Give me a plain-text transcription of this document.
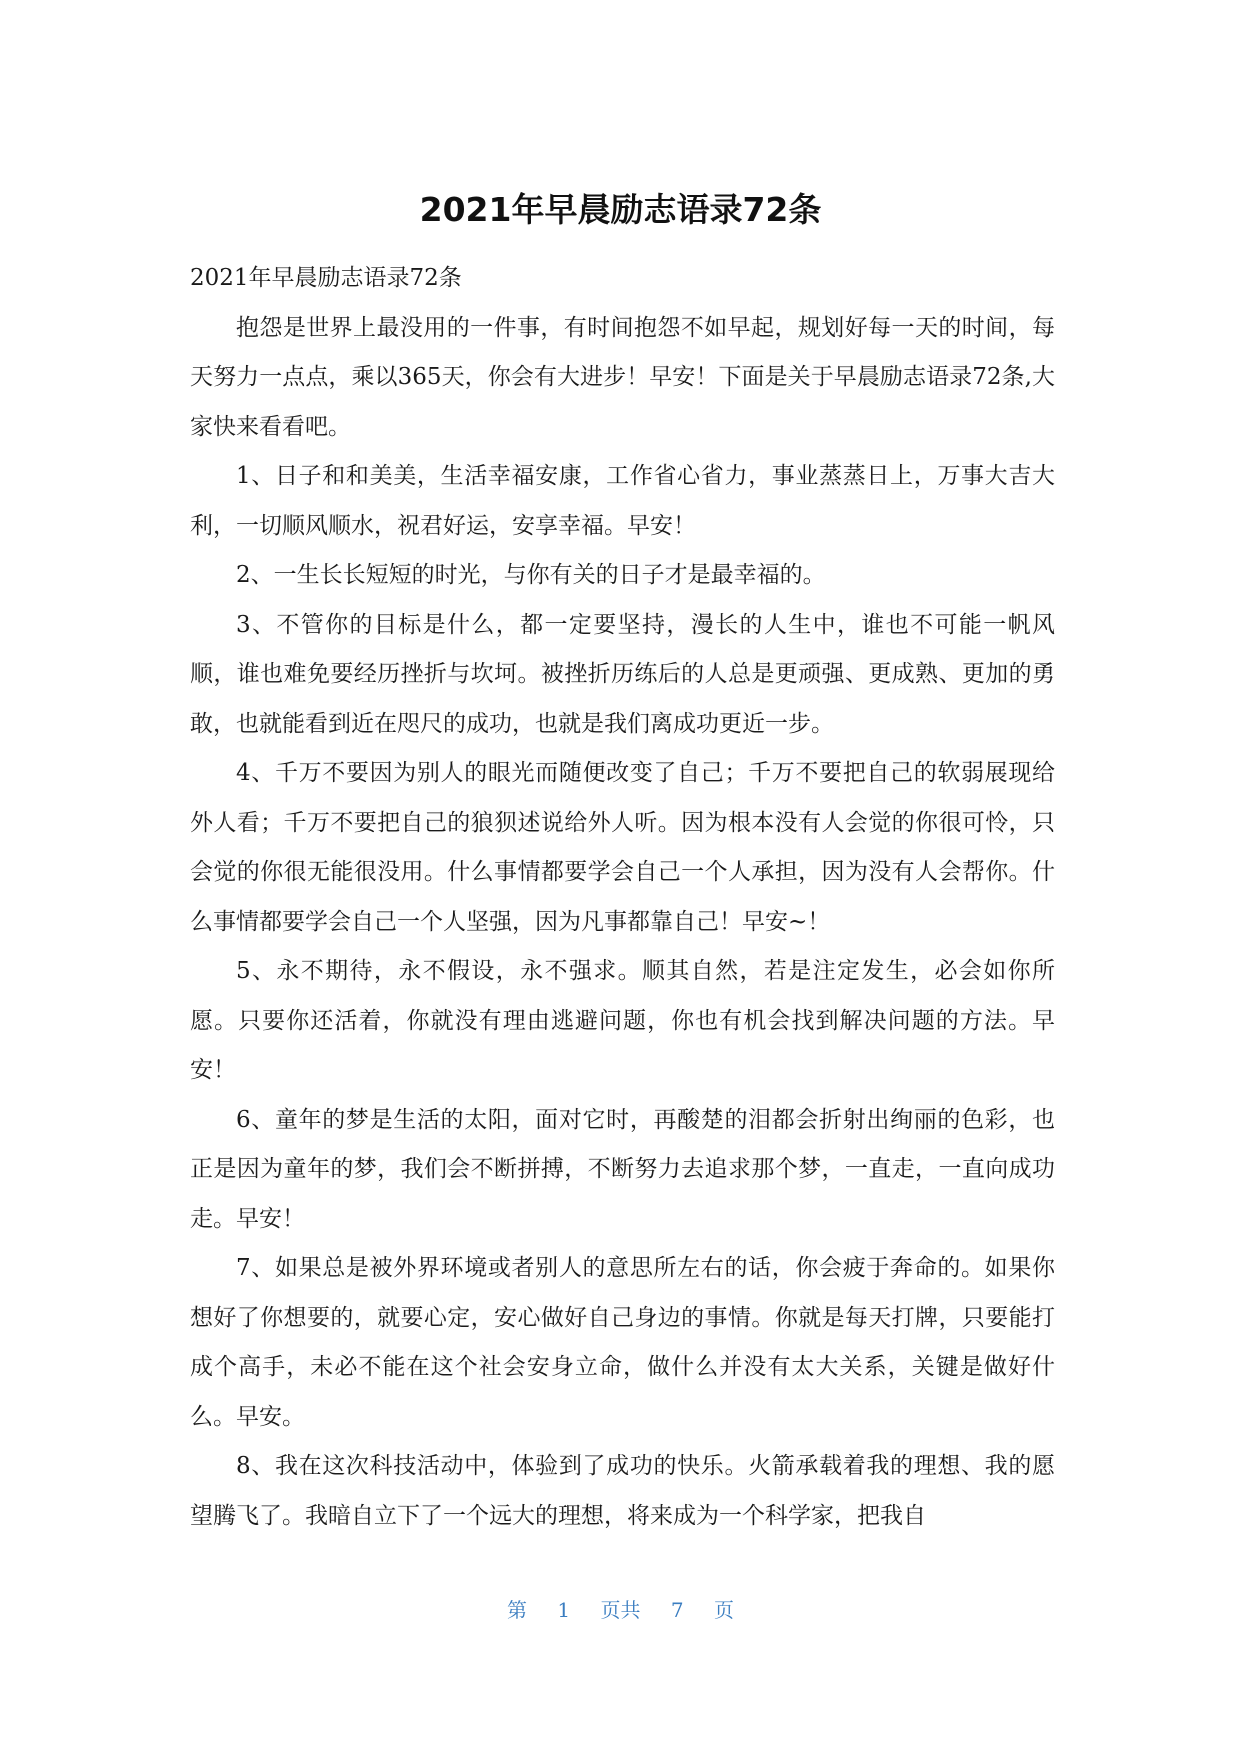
2021年早晨励志语录72条

2021年早晨励志语录72条

抱怨是世界上最没用的一件事，有时间抱怨不如早起，规划好每一天的时间，每天努力一点点，乘以365天，你会有大进步！早安！下面是关于早晨励志语录72条,大家快来看看吧。

1、日子和和美美，生活幸福安康，工作省心省力，事业蒸蒸日上，万事大吉大利，一切顺风顺水，祝君好运，安享幸福。早安！

2、一生长长短短的时光，与你有关的日子才是最幸福的。

3、不管你的目标是什么，都一定要坚持，漫长的人生中，谁也不可能一帆风顺，谁也难免要经历挫折与坎坷。被挫折历练后的人总是更顽强、更成熟、更加的勇敢，也就能看到近在咫尺的成功，也就是我们离成功更近一步。

4、千万不要因为别人的眼光而随便改变了自己；千万不要把自己的软弱展现给外人看；千万不要把自己的狼狈述说给外人听。因为根本没有人会觉的你很可怜，只会觉的你很无能很没用。什么事情都要学会自己一个人承担，因为没有人会帮你。什么事情都要学会自己一个人坚强，因为凡事都靠自己！早安~！

5、永不期待，永不假设，永不强求。顺其自然，若是注定发生，必会如你所愿。只要你还活着，你就没有理由逃避问题，你也有机会找到解决问题的方法。早安！

6、童年的梦是生活的太阳，面对它时，再酸楚的泪都会折射出绚丽的色彩，也正是因为童年的梦，我们会不断拼搏，不断努力去追求那个梦，一直走，一直向成功走。早安！

7、如果总是被外界环境或者别人的意思所左右的话，你会疲于奔命的。如果你想好了你想要的，就要心定，安心做好自己身边的事情。你就是每天打牌，只要能打成个高手，未必不能在这个社会安身立命，做什么并没有太大关系，关键是做好什么。早安。

8、我在这次科技活动中，体验到了成功的快乐。火箭承载着我的理想、我的愿望腾飞了。我暗自立下了一个远大的理想，将来成为一个科学家，把我自

第 1 页共 7 页
